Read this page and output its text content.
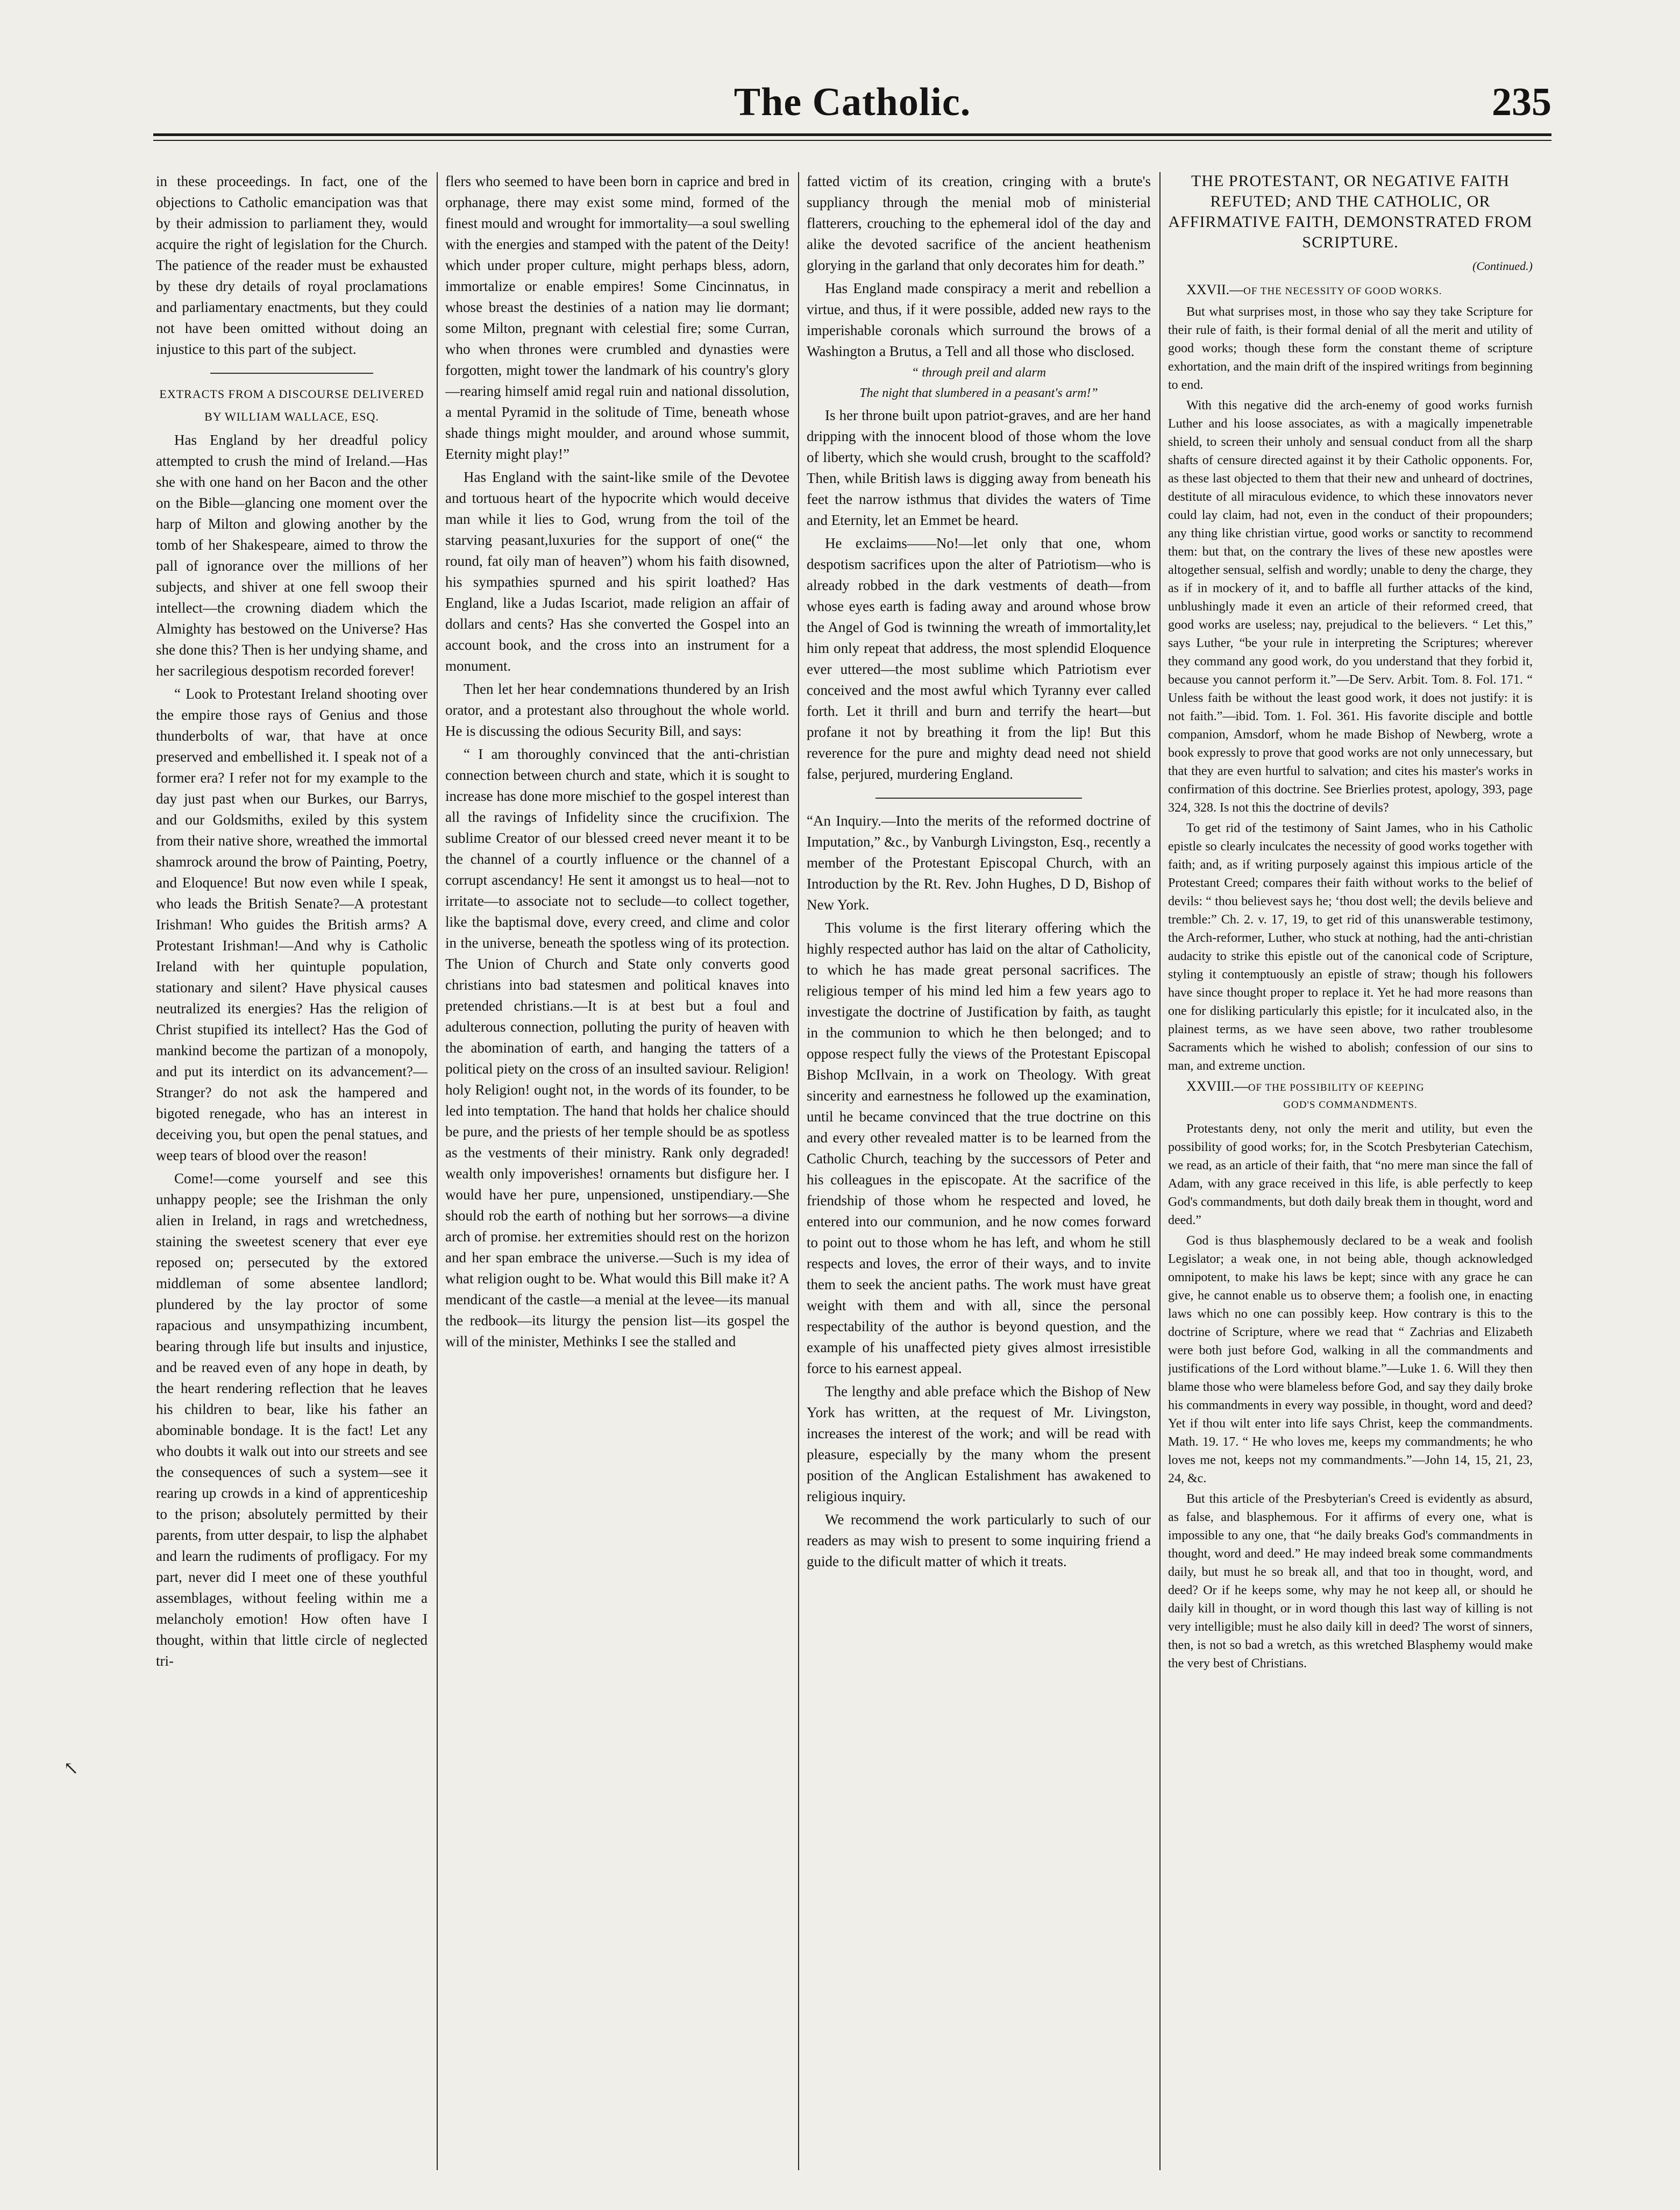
The Catholic.	235

in these proceedings. In fact, one of the objections to Catholic emancipation was that by their admission to parliament they, would acquire the right of legislation for the Church. The patience of the reader must be exhausted by these dry details of royal proclamations and parliamentary enactments, but they could not have been omitted without doing an injustice to this part of the subject.

EXTRACTS FROM A DISCOURSE DELIVERED
BY WILLIAM WALLACE, ESQ.

Has England by her dreadful policy attempted to crush the mind of Ireland.—Has she with one hand on her Bacon and the other on the Bible—glancing one moment over the harp of Milton and glowing another by the tomb of her Shakespeare, aimed to throw the pall of ignorance over the millions of her subjects, and shiver at one fell swoop their intellect—the crowning diadem which the Almighty has bestowed on the Universe? Has she done this? Then is her undying shame, and her sacrilegious despotism recorded forever!

“ Look to Protestant Ireland shooting over the empire those rays of Genius and those thunderbolts of war, that have at once preserved and embellished it. I speak not of a former era? I refer not for my example to the day just past when our Burkes, our Barrys, and our Goldsmiths, exiled by this system from their native shore, wreathed the immortal shamrock around the brow of Painting, Poetry, and Eloquence! But now even while I speak, who leads the British Senate?—A protestant Irishman! Who guides the British arms? A Protestant Irishman!—And why is Catholic Ireland with her quintuple population, stationary and silent? Have physical causes neutralized its energies? Has the religion of Christ stupified its intellect? Has the God of mankind become the partizan of a monopoly, and put its interdict on its advancement?—Stranger? do not ask the hampered and bigoted renegade, who has an interest in deceiving you, but open the penal statues, and weep tears of blood over the reason!

Come!—come yourself and see this unhappy people; see the Irishman the only alien in Ireland, in rags and wretchedness, staining the sweetest scenery that ever eye reposed on; persecuted by the extored middleman of some absentee landlord; plundered by the lay proctor of some rapacious and unsympathizing incumbent, bearing through life but insults and injustice, and be reaved even of any hope in death, by the heart rendering reflection that he leaves his children to bear, like his father an abominable bondage. It is the fact! Let any who doubts it walk out into our streets and see the consequences of such a system—see it rearing up crowds in a kind of apprenticeship to the prison; absolutely permitted by their parents, from utter despair, to lisp the alphabet and learn the rudiments of profligacy. For my part, never did I meet one of these youthful assemblages, without feeling within me a melancholy emotion! How often have I thought, within that little circle of neglected tri-

flers who seemed to have been born in caprice and bred in orphanage, there may exist some mind, formed of the finest mould and wrought for immortality—a soul swelling with the energies and stamped with the patent of the Deity! which under proper culture, might perhaps bless, adorn, immortalize or enable empires! Some Cincinnatus, in whose breast the destinies of a nation may lie dormant; some Milton, pregnant with celestial fire; some Curran, who when thrones were crumbled and dynasties were forgotten, might tower the landmark of his country's glory—rearing himself amid regal ruin and national dissolution, a mental Pyramid in the solitude of Time, beneath whose shade things might moulder, and around whose summit, Eternity might play!”

Has England with the saint-like smile of the Devotee and tortuous heart of the hypocrite which would deceive man while it lies to God, wrung from the toil of the starving peasant,luxuries for the support of one(“ the round, fat oily man of heaven”) whom his faith disowned, his sympathies spurned and his spirit loathed? Has England, like a Judas Iscariot, made religion an affair of dollars and cents? Has she converted the Gospel into an account book, and the cross into an instrument for a monument.

Then let her hear condemnations thundered by an Irish orator, and a protestant also throughout the whole world. He is discussing the odious Security Bill, and says:

“ I am thoroughly convinced that the anti-christian connection between church and state, which it is sought to increase has done more mischief to the gospel interest than all the ravings of Infidelity since the crucifixion. The sublime Creator of our blessed creed never meant it to be the channel of a courtly influence or the channel of a corrupt ascendancy! He sent it amongst us to heal—not to irritate—to associate not to seclude—to collect together, like the baptismal dove, every creed, and clime and color in the universe, beneath the spotless wing of its protection. The Union of Church and State only converts good christians into bad statesmen and political knaves into pretended christians.—It is at best but a foul and adulterous connection, polluting the purity of heaven with the abomination of earth, and hanging the tatters of a political piety on the cross of an insulted saviour. Religion! holy Religion! ought not, in the words of its founder, to be led into temptation. The hand that holds her chalice should be pure, and the priests of her temple should be as spotless as the vestments of their ministry. Rank only degraded! wealth only impoverishes! ornaments but disfigure her. I would have her pure, unpensioned, unstipendiary.—She should rob the earth of nothing but her sorrows—a divine arch of promise. her extremities should rest on the horizon and her span embrace the universe.—Such is my idea of what religion ought to be. What would this Bill make it? A mendicant of the castle—a menial at the levee—its manual the redbook—its liturgy the pension list—its gospel the will of the minister, Methinks I see the stalled and

fatted victim of its creation, cringing with a brute's suppliancy through the menial mob of ministerial flatterers, crouching to the ephemeral idol of the day and alike the devoted sacrifice of the ancient heathenism glorying in the garland that only decorates him for death.”

Has England made conspiracy a merit and rebellion a virtue, and thus, if it were possible, added new rays to the imperishable coronals which surround the brows of a Washington a Brutus, a Tell and all those who disclosed.

“ through preil and alarm
The night that slumbered in a peasant's arm!”

Is her throne built upon patriot-graves, and are her hand dripping with the innocent blood of those whom the love of liberty, which she would crush, brought to the scaffold? Then, while British laws is digging away from beneath his feet the narrow isthmus that divides the waters of Time and Eternity, let an Emmet be heard.

He exclaims——No!—let only that one, whom despotism sacrifices upon the alter of Patriotism—who is already robbed in the dark vestments of death—from whose eyes earth is fading away and around whose brow the Angel of God is twinning the wreath of immortality,let him only repeat that address, the most splendid Eloquence ever uttered—the most sublime which Patriotism ever conceived and the most awful which Tyranny ever called forth. Let it thrill and burn and terrify the heart—but profane it not by breathing it from the lip! But this reverence for the pure and mighty dead need not shield false, perjured, murdering England.

“An Inquiry.—Into the merits of the reformed doctrine of Imputation,” &c., by Vanburgh Livingston, Esq., recently a member of the Protestant Episcopal Church, with an Introduction by the Rt. Rev. John Hughes, D D, Bishop of New York.

This volume is the first literary offering which the highly respected author has laid on the altar of Catholicity, to which he has made great personal sacrifices. The religious temper of his mind led him a few years ago to investigate the doctrine of Justification by faith, as taught in the communion to which he then belonged; and to oppose respect fully the views of the Protestant Episcopal Bishop McIlvain, in a work on Theology. With great sincerity and earnestness he followed up the examination, until he became convinced that the true doctrine on this and every other revealed matter is to be learned from the Catholic Church, teaching by the successors of Peter and his colleagues in the episcopate. At the sacrifice of the friendship of those whom he respected and loved, he entered into our communion, and he now comes forward to point out to those whom he has left, and whom he still respects and loves, the error of their ways, and to invite them to seek the ancient paths. The work must have great weight with them and with all, since the personal respectability of the author is beyond question, and the example of his unaffected piety gives almost irresistible force to his earnest appeal.

The lengthy and able preface which the Bishop of New York has written, at the request of Mr. Livingston, increases the interest of the work; and will be read with pleasure, especially by the many whom the present position of the Anglican Estalishment has awakened to religious inquiry.

We recommend the work particularly to such of our readers as may wish to present to some inquiring friend a guide to the dificult matter of which it treats.

THE PROTESTANT, OR NEGATIVE FAITH REFUTED; AND THE CATHOLIC, OR AFFIRMATIVE FAITH, DEMONSTRATED FROM SCRIPTURE.
(Continued.)

XXVII.—OF THE NECESSITY OF GOOD WORKS.

But what surprises most, in those who say they take Scripture for their rule of faith, is their formal denial of all the merit and utility of good works; though these form the constant theme of scripture exhortation, and the main drift of the inspired writings from beginning to end.

With this negative did the arch-enemy of good works furnish Luther and his loose associates, as with a magically impenetrable shield, to screen their unholy and sensual conduct from all the sharp shafts of censure directed against it by their Catholic opponents. For, as these last objected to them that their new and unheard of doctrines, destitute of all miraculous evidence, to which these innovators never could lay claim, had not, even in the conduct of their propounders; any thing like christian virtue, good works or sanctity to recommend them: but that, on the contrary the lives of these new apostles were altogether sensual, selfish and wordly; unable to deny the charge, they as if in mockery of it, and to baffle all further attacks of the kind, unblushingly made it even an article of their reformed creed, that good works are useless; nay, prejudical to the believers. “ Let this,” says Luther, “be your rule in interpreting the Scriptures; wherever they command any good work, do you understand that they forbid it, because you cannot perform it.”—De Serv. Arbit. Tom. 8. Fol. 171. “ Unless faith be without the least good work, it does not justify: it is not faith.”—ibid. Tom. 1. Fol. 361. His favorite disciple and bottle companion, Amsdorf, whom he made Bishop of Newberg, wrote a book expressly to prove that good works are not only unnecessary, but that they are even hurtful to salvation; and cites his master's works in confirmation of this doctrine. See Brierlies protest, apology, 393, page 324, 328. Is not this the doctrine of devils?

To get rid of the testimony of Saint James, who in his Catholic epistle so clearly inculcates the necessity of good works together with faith; and, as if writing purposely against this impious article of the Protestant Creed; compares their faith without works to the belief of devils: “ thou believest says he; ‘thou dost well; the devils believe and tremble:” Ch. 2. v. 17, 19, to get rid of this unanswerable testimony, the Arch-reformer, Luther, who stuck at nothing, had the anti-christian audacity to strike this epistle out of the canonical code of Scripture, styling it contemptuously an epistle of straw; though his followers have since thought proper to replace it. Yet he had more reasons than one for disliking particularly this epistle; for it inculcated also, in the plainest terms, as we have seen above, two rather troublesome Sacraments which he wished to abolish; confession of our sins to man, and extreme unction.

XXVIII.—OF THE POSSIBILITY OF KEEPING

GOD'S COMMANDMENTS.

Protestants deny, not only the merit and utility, but even the possibility of good works; for, in the Scotch Presbyterian Catechism, we read, as an article of their faith, that “no mere man since the fall of Adam, with any grace received in this life, is able perfectly to keep God's commandments, but doth daily break them in thought, word and deed.”

God is thus blasphemously declared to be a weak and foolish Legislator; a weak one, in not being able, though acknowledged omnipotent, to make his laws be kept; since with any grace he can give, he cannot enable us to observe them; a foolish one, in enacting laws which no one can possibly keep. How contrary is this to the doctrine of Scripture, where we read that “ Zachrias and Elizabeth were both just before God, walking in all the commandments and justifications of the Lord without blame.”—Luke 1. 6. Will they then blame those who were blameless before God, and say they daily broke his commandments in every way possible, in thought, word and deed? Yet if thou wilt enter into life says Christ, keep the commandments. Math. 19. 17. “ He who loves me, keeps my commandments; he who loves me not, keeps not my commandments.”—John 14, 15, 21, 23, 24, &c.

But this article of the Presbyterian's Creed is evidently as absurd, as false, and blasphemous. For it affirms of every one, what is impossible to any one, that “he daily breaks God's commandments in thought, word and deed.” He may indeed break some commandments daily, but must he so break all, and that too in thought, word, and deed? Or if he keeps some, why may he not keep all, or should he daily kill in thought, or in word though this last way of killing is not very intelligible; must he also daily kill in deed? The worst of sinners, then, is not so bad a wretch, as this wretched Blasphemy would make the very best of Christians.

↖
